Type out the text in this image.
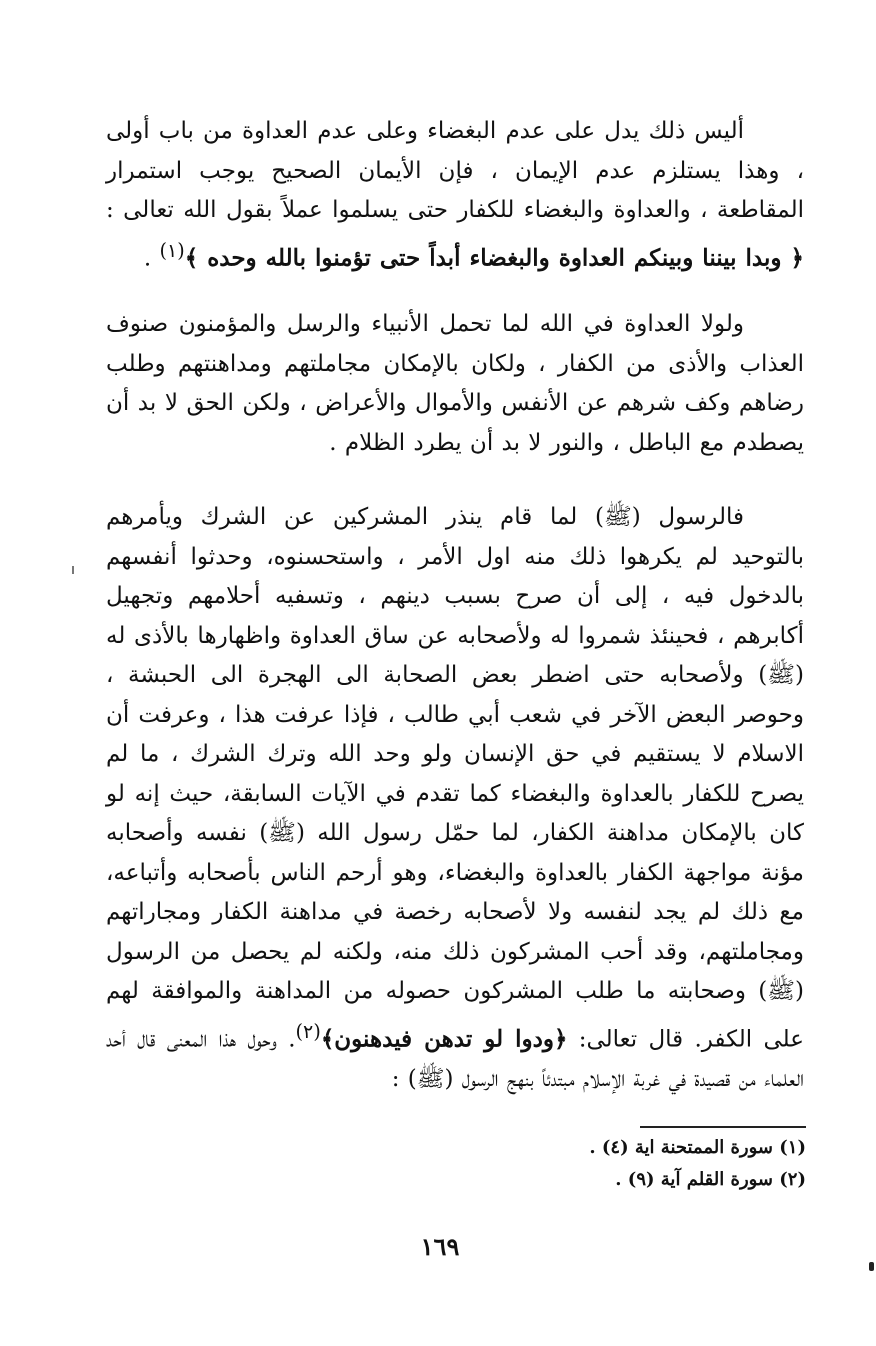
أليس ذلك يدل على عدم البغضاء وعلى عدم العداوة من باب أولى ، وهذا يستلزم عدم الإيمان ، فإن الأيمان الصحيح يوجب استمرار المقاطعة ، والعداوة والبغضاء للكفار حتى يسلموا عملاً بقول الله تعالى : ﴿ وبدا بيننا وبينكم العداوة والبغضاء أبداً حتى تؤمنوا بالله وحده ﴾$^{(١)}$ .

ولولا العداوة في الله لما تحمل الأنبياء والرسل والمؤمنون صنوف العذاب والأذى من الكفار ، ولكان بالإمكان مجاملتهم ومداهنتهم وطلب رضاهم وكف شرهم عن الأنفس والأموال والأعراض ، ولكن الحق لا بد أن يصطدم مع الباطل ، والنور لا بد أن يطرد الظلام .

فالرسول (ﷺ) لما قام ينذر المشركين عن الشرك ويأمرهم بالتوحيد لم يكرهوا ذلك منه اول الأمر ، واستحسنوه، وحدثوا أنفسهم بالدخول فيه ، إلى أن صرح بسبب دينهم ، وتسفيه أحلامهم وتجهيل أكابرهم ، فحينئذ شمروا له ولأصحابه عن ساق العداوة واظهارها بالأذى له (ﷺ) ولأصحابه حتى اضطر بعض الصحابة الى الهجرة الى الحبشة ، وحوصر البعض الآخر في شعب أبي طالب ، فإذا عرفت هذا ، وعرفت أن الاسلام لا يستقيم في حق الإنسان ولو وحد الله وترك الشرك ، ما لم يصرح للكفار بالعداوة والبغضاء كما تقدم في الآيات السابقة، حيث إنه لو كان بالإمكان مداهنة الكفار، لما حمّل رسول الله (ﷺ) نفسه وأصحابه مؤنة مواجهة الكفار بالعداوة والبغضاء، وهو أرحم الناس بأصحابه وأتباعه، مع ذلك لم يجد لنفسه ولا لأصحابه رخصة في مداهنة الكفار ومجاراتهم ومجاملتهم، وقد أحب المشركون ذلك منه، ولكنه لم يحصل من الرسول (ﷺ) وصحابته ما طلب المشركون حصوله من المداهنة والموافقة لهم على الكفر. قال تعالى: ﴿ودوا لو تدهن فيدهنون﴾$^{(٢)}$. وحول هذا المعنى قال أحد العلماء من قصيدة في غربة الإسلام مبتدئاً بنهج الرسول (ﷺ) :

(١) سورة الممتحنة اية (٤) .
(٢) سورة القلم آية (٩) .

١٦٩
